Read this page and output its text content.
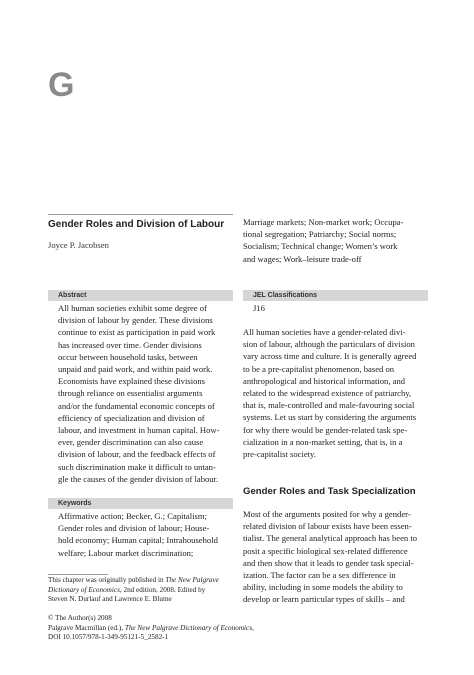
G
Gender Roles and Division of Labour
Joyce P. Jacobsen
Marriage markets; Non-market work; Occupa-
tional segregation; Patriarchy; Social norms;
Socialism; Technical change; Women’s work
and wages; Work–leisure trade-off
Abstract
All human societies exhibit some degree of
division of labour by gender. These divisions
continue to exist as participation in paid work
has increased over time. Gender divisions
occur between household tasks, between
unpaid and paid work, and within paid work.
Economists have explained these divisions
through reliance on essentialist arguments
and/or the fundamental economic concepts of
efficiency of specialization and division of
labour, and investment in human capital. How-
ever, gender discrimination can also cause
division of labour, and the feedback effects of
such discrimination make it difficult to untan-
gle the causes of the gender division of labour.
JEL Classifications
J16
All human societies have a gender-related divi-
sion of labour, although the particulars of division
vary across time and culture. It is generally agreed
to be a pre-capitalist phenomenon, based on
anthropological and historical information, and
related to the widespread existence of patriarchy,
that is, male-controlled and male-favouring social
systems. Let us start by considering the arguments
for why there would be gender-related task spe-
cialization in a non-market setting, that is, in a
pre-capitalist society.
Keywords
Affirmative action; Becker, G.; Capitalism;
Gender roles and division of labour; House-
hold economy; Human capital; Intrahousehold
welfare; Labour market discrimination;
Gender Roles and Task Specialization
Most of the arguments posited for why a gender-
related division of labour exists have been essen-
tialist. The general analytical approach has been to
posit a specific biological sex-related difference
and then show that it leads to gender task special-
ization. The factor can be a sex difference in
ability, including in some models the ability to
develop or learn particular types of skills – and
This chapter was originally published in The New Palgrave
Dictionary of Economics, 2nd edition, 2008. Edited by
Steven N. Durlauf and Lawrence E. Blume
© The Author(s) 2008
Palgrave Macmillan (ed.), The New Palgrave Dictionary of Economics,
DOI 10.1057/978-1-349-95121-5_2582-1
